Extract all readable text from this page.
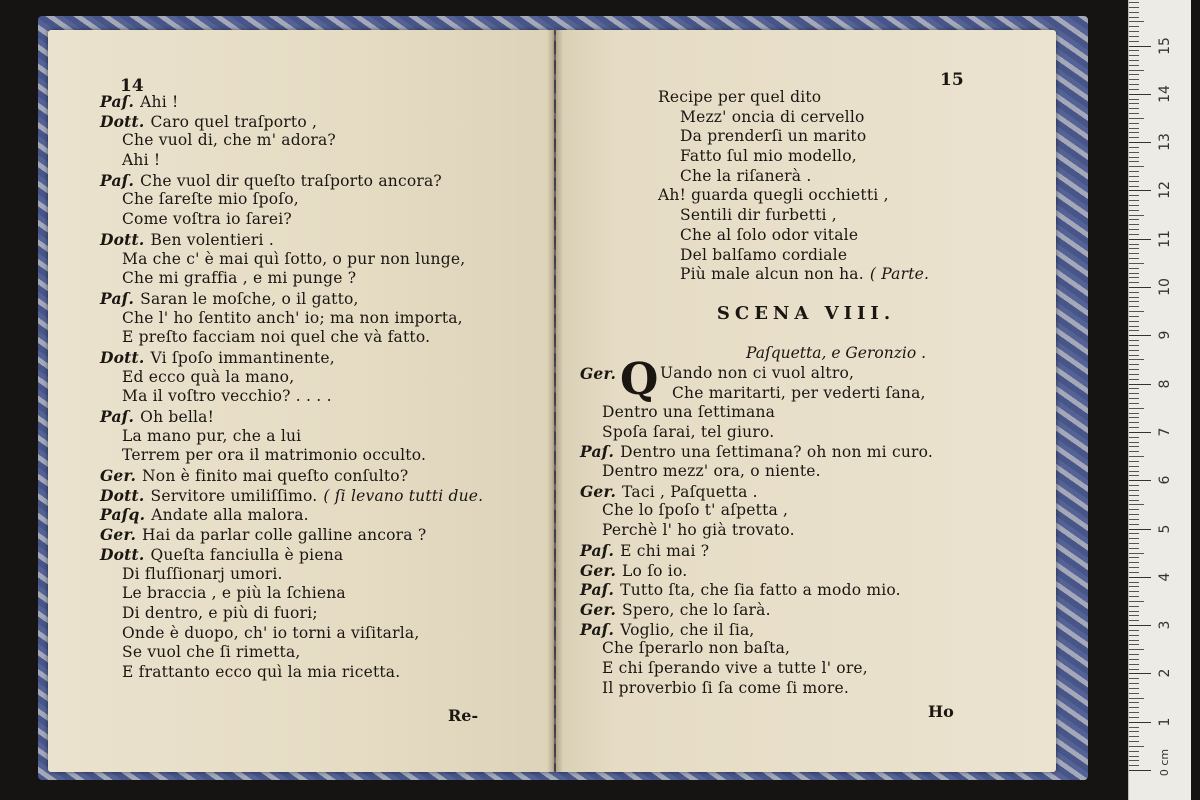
14
Paſ. Ahi !
Dott. Caro quel traſporto ,
Che vuol di, che m' adora?
Ahi !
Paſ. Che vuol dir queſto traſporto ancora?
Che ſareſte mio ſpoſo,
Come voſtra io ſarei?
Dott. Ben volentieri .
Ma che c' è mai quì ſotto, o pur non lunge,
Che mi graffia , e mi punge ?
Paſ. Saran le moſche, o il gatto,
Che l' ho ſentito anch' io; ma non importa,
E preſto facciam noi quel che và fatto.
Dott. Vi ſpoſo immantinente,
Ed ecco quà la mano,
Ma il voſtro vecchio? . . . .
Paſ. Oh bella!
La mano pur, che a lui
Terrem per ora il matrimonio occulto.
Ger. Non è finito mai queſto conſulto?
Dott. Servitore umiliſſimo. ( ſi levano tutti due.
Paſq. Andate alla malora.
Ger. Hai da parlar colle galline ancora ?
Dott. Queſta fanciulla è piena
Di fluſſionarj umori.
Le braccia , e più la ſchiena
Di dentro, e più di fuori;
Onde è duopo, ch' io torni a viſitarla,
Se vuol che ſi rimetta,
E frattanto ecco quì la mia ricetta.
Re-
15
Recipe per quel dito
Mezz' oncia di cervello
Da prenderſi un marito
Fatto ſul mio modello,
Che la riſanerà .
Ah! guarda quegli occhietti ,
Sentili dir furbetti ,
Che al ſolo odor vitale
Del balſamo cordiale
Più male alcun non ha. ( Parte.
SCENA VIII.
Paſquetta, e Geronzio .
Ger. Q Uando non ci vuol altro,
Che maritarti, per vederti ſana,
Dentro una ſettimana
Spoſa ſarai, tel giuro.
Paſ. Dentro una ſettimana? oh non mi curo.
Dentro mezz' ora, o niente.
Ger. Taci , Paſquetta .
Che lo ſpoſo t' aſpetta ,
Perchè l' ho già trovato.
Paſ. E chi mai ?
Ger. Lo ſo io.
Paſ. Tutto ſta, che ſia fatto a modo mio.
Ger. Spero, che lo ſarà.
Paſ. Voglio, che il ſia,
Che ſperarlo non baſta,
E chi ſperando vive a tutte l' ore,
Il proverbio ſi ſa come ſi more.
Ho
0 cm
1
2
3
4
5
6
7
8
9
10
11
12
13
14
15
